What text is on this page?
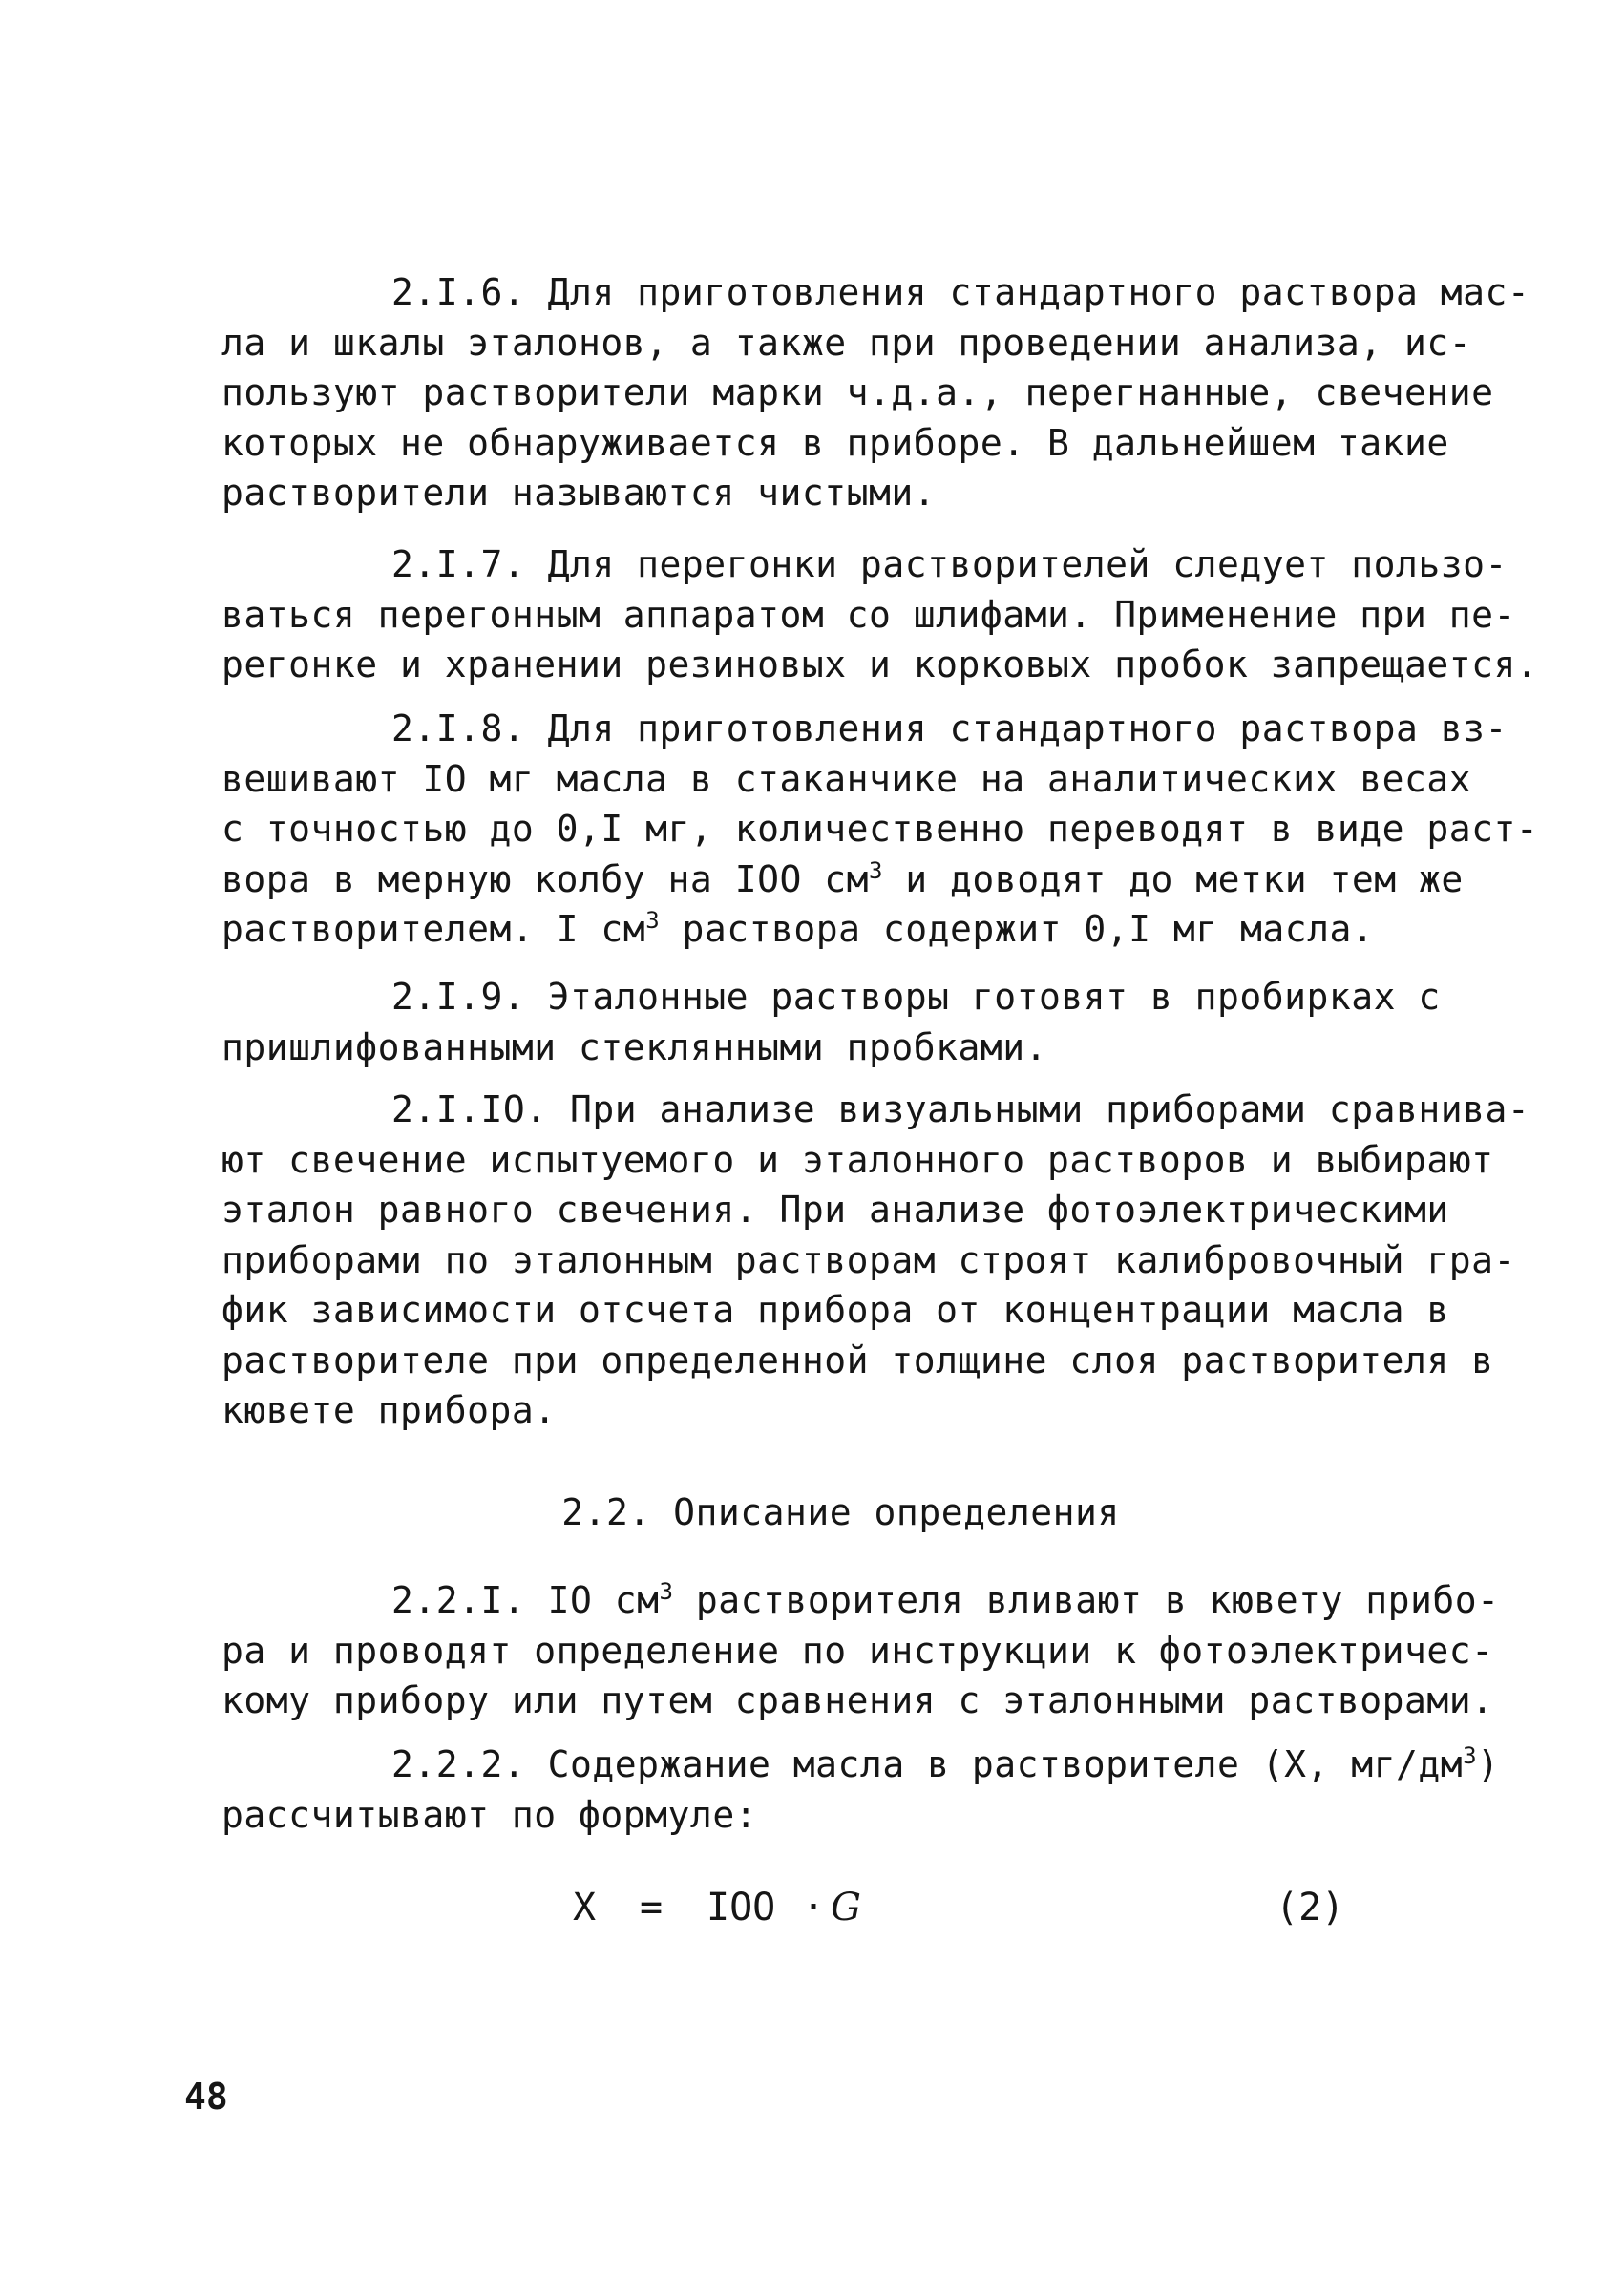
2.I.6. Для приготовления стандартного раствора мас-
ла и шкалы эталонов, а также при проведении анализа, ис-
пользуют растворители марки ч.д.а., перегнанные, свечение
которых не обнаруживается в приборе. В дальнейшем такие
растворители называются чистыми.
2.I.7. Для перегонки растворителей следует пользо-
ваться перегонным аппаратом со шлифами. Применение при пе-
регонке и хранении резиновых и корковых пробок запрещается.
2.I.8. Для приготовления стандартного раствора вз-
вешивают IO мг масла в стаканчике на аналитических весах
с точностью до 0,I мг, количественно переводят в виде раст-
вора в мерную колбу на IOO $см^3$ и доводят до метки тем же
растворителем. I $см^3$ раствора содержит 0,I мг масла.
2.I.9. Эталонные растворы готовят в пробирках с
пришлифованными стеклянными пробками.
2.I.IO. При анализе визуальными приборами сравнива-
ют свечение испытуемого и эталонного растворов и выбирают
эталон равного свечения. При анализе фотоэлектрическими
приборами по эталонным растворам строят калибровочный гра-
фик зависимости отсчета прибора от концентрации масла в
растворителе при определенной толщине слоя растворителя в
кювете прибора.
2.2. Описание определения
2.2.I. IO $см^3$ растворителя вливают в кювету прибо-
ра и проводят определение по инструкции к фотоэлектричес-
кому прибору или путем сравнения с эталонными растворами.
2.2.2. Содержание масла в растворителе (X, $мг/дм^3$)
рассчитывают по формуле:
X = IOO · G	(2)
48
